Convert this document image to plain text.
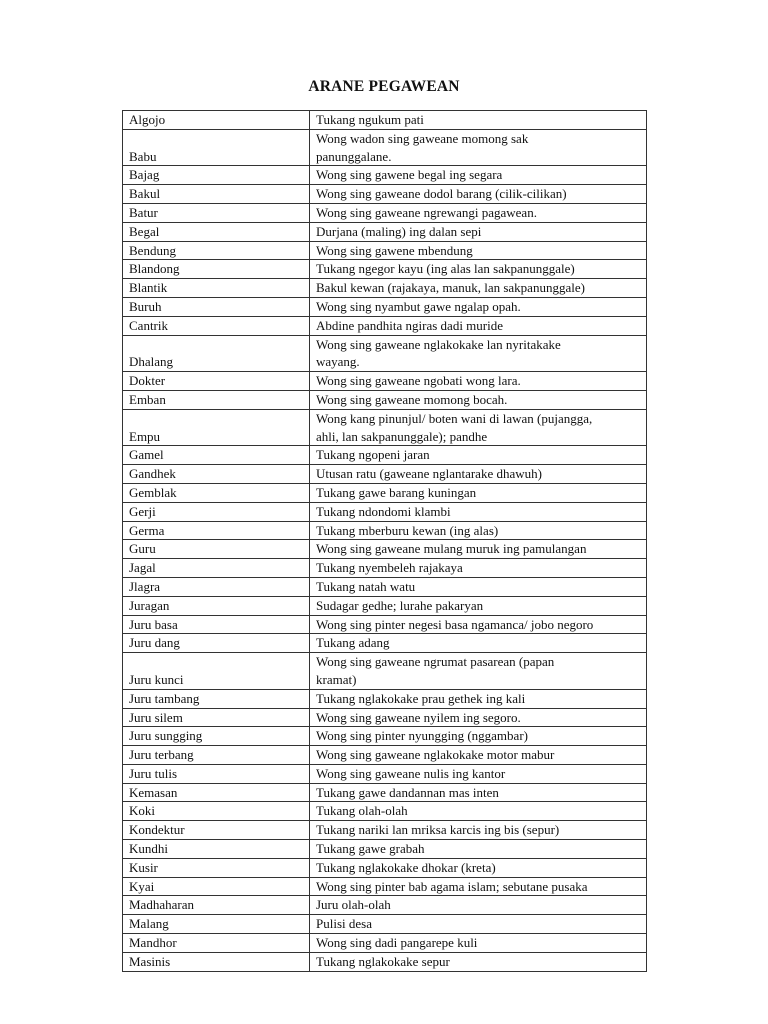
ARANE PEGAWEAN
Algojo	Tukang ngukum pati
Babu	Wong wadon sing gaweane momong sak
panunggalane.
Bajag	Wong sing gawene begal ing segara
Bakul	Wong sing gaweane dodol barang (cilik-cilikan)
Batur	Wong sing gaweane ngrewangi pagawean.
Begal	Durjana (maling) ing dalan sepi
Bendung	Wong sing gawene mbendung
Blandong	Tukang ngegor kayu (ing alas lan sakpanunggale)
Blantik	Bakul kewan (rajakaya, manuk, lan sakpanunggale)
Buruh	Wong sing nyambut gawe ngalap opah.
Cantrik	Abdine pandhita ngiras dadi muride
Dhalang	Wong sing gaweane nglakokake lan nyritakake
wayang.
Dokter	Wong sing gaweane ngobati wong lara.
Emban	Wong sing gaweane momong bocah.
Empu	Wong kang pinunjul/ boten wani di lawan (pujangga,
ahli, lan sakpanunggale); pandhe
Gamel	Tukang ngopeni jaran
Gandhek	Utusan ratu (gaweane nglantarake dhawuh)
Gemblak	Tukang gawe barang kuningan
Gerji	Tukang ndondomi klambi
Germa	Tukang mberburu kewan (ing alas)
Guru	Wong sing gaweane mulang muruk ing pamulangan
Jagal	Tukang nyembeleh rajakaya
Jlagra	Tukang natah watu
Juragan	Sudagar gedhe; lurahe pakaryan
Juru basa	Wong sing pinter negesi basa ngamanca/ jobo negoro
Juru dang	Tukang adang
Juru kunci	Wong sing gaweane ngrumat pasarean (papan
kramat)
Juru tambang	Tukang nglakokake prau gethek ing kali
Juru silem	Wong sing gaweane nyilem ing segoro.
Juru sungging	Wong sing pinter nyungging (nggambar)
Juru terbang	Wong sing gaweane nglakokake motor mabur
Juru tulis	Wong sing gaweane nulis ing kantor
Kemasan	Tukang gawe dandannan mas inten
Koki	Tukang olah-olah
Kondektur	Tukang nariki lan mriksa karcis ing bis (sepur)
Kundhi	Tukang gawe grabah
Kusir	Tukang nglakokake dhokar (kreta)
Kyai	Wong sing pinter bab agama islam; sebutane pusaka
Madhaharan	Juru olah-olah
Malang	Pulisi desa
Mandhor	Wong sing dadi pangarepe kuli
Masinis	Tukang nglakokake sepur
